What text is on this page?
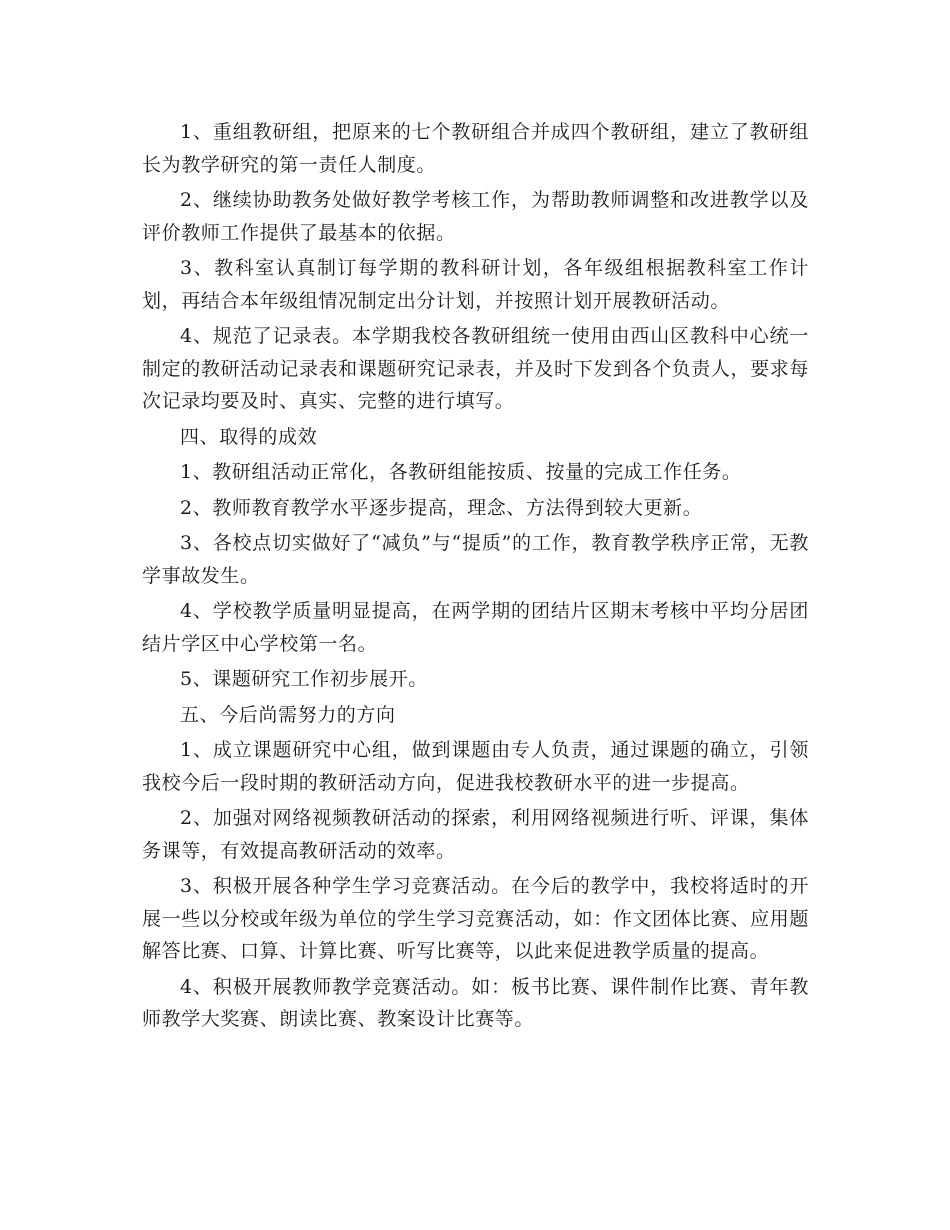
1、重组教研组，把原来的七个教研组合并成四个教研组，建立了教研组长为教学研究的第一责任人制度。

2、继续协助教务处做好教学考核工作，为帮助教师调整和改进教学以及评价教师工作提供了最基本的依据。

3、教科室认真制订每学期的教科研计划，各年级组根据教科室工作计划，再结合本年级组情况制定出分计划，并按照计划开展教研活动。

4、规范了记录表。本学期我校各教研组统一使用由西山区教科中心统一制定的教研活动记录表和课题研究记录表，并及时下发到各个负责人，要求每次记录均要及时、真实、完整的进行填写。

四、取得的成效

1、教研组活动正常化，各教研组能按质、按量的完成工作任务。

2、教师教育教学水平逐步提高，理念、方法得到较大更新。

3、各校点切实做好了“减负”与“提质”的工作，教育教学秩序正常，无教学事故发生。

4、学校教学质量明显提高，在两学期的团结片区期末考核中平均分居团结片学区中心学校第一名。

5、课题研究工作初步展开。

五、今后尚需努力的方向

1、成立课题研究中心组，做到课题由专人负责，通过课题的确立，引领我校今后一段时期的教研活动方向，促进我校教研水平的进一步提高。

2、加强对网络视频教研活动的探索，利用网络视频进行听、评课，集体务课等，有效提高教研活动的效率。

3、积极开展各种学生学习竞赛活动。在今后的教学中，我校将适时的开展一些以分校或年级为单位的学生学习竞赛活动，如：作文团体比赛、应用题解答比赛、口算、计算比赛、听写比赛等，以此来促进教学质量的提高。

4、积极开展教师教学竞赛活动。如：板书比赛、课件制作比赛、青年教师教学大奖赛、朗读比赛、教案设计比赛等。
